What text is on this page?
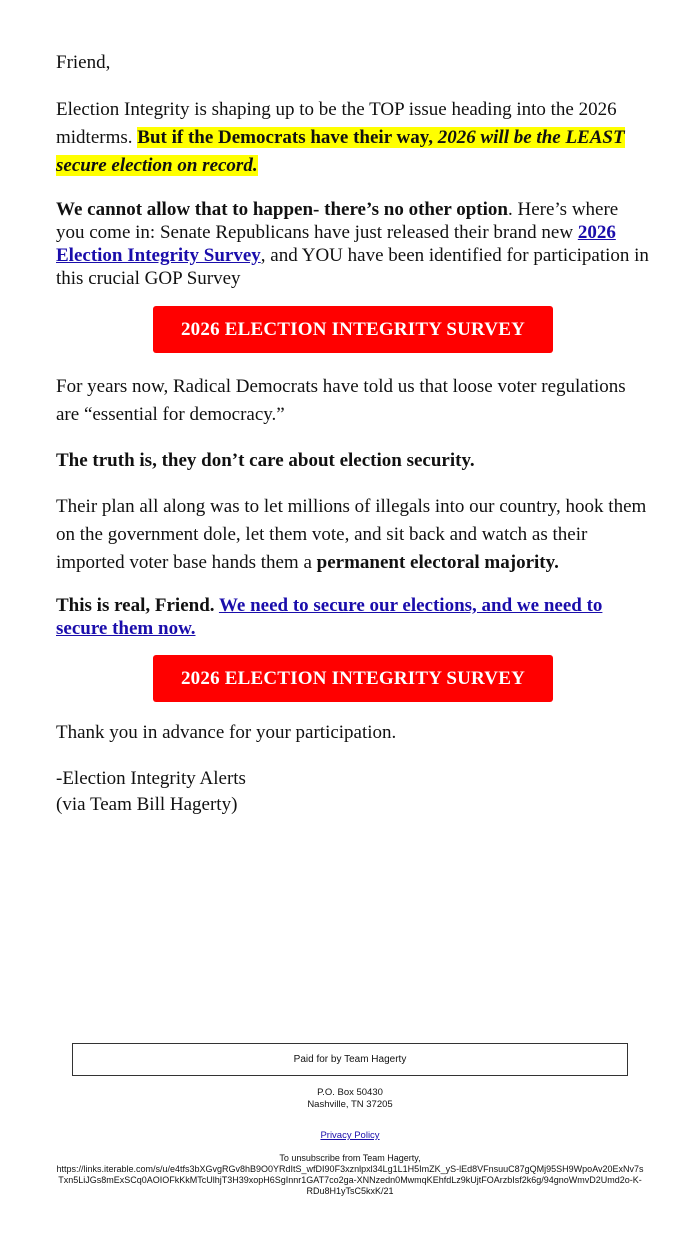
Friend,

Election Integrity is shaping up to be the TOP issue heading into the 2026 midterms. But if the Democrats have their way, 2026 will be the LEAST secure election on record.

We cannot allow that to happen- there’s no other option. Here’s where you come in: Senate Republicans have just released their brand new 2026 Election Integrity Survey, and YOU have been identified for participation in this crucial GOP Survey

2026 ELECTION INTEGRITY SURVEY

For years now, Radical Democrats have told us that loose voter regulations are “essential for democracy.”

The truth is, they don’t care about election security.

Their plan all along was to let millions of illegals into our country, hook them on the government dole, let them vote, and sit back and watch as their imported voter base hands them a permanent electoral majority.

This is real, Friend. We need to secure our elections, and we need to secure them now.

2026 ELECTION INTEGRITY SURVEY

Thank you in advance for your participation.

-Election Integrity Alerts
(via Team Bill Hagerty)

Paid for by Team Hagerty
P.O. Box 50430
Nashville, TN 37205
Privacy Policy
To unsubscribe from Team Hagerty,
https://links.iterable.com/s/u/e4tfs3bXGvgRGv8hB9O0YRdItS_wfDI90F3xznlpxl34Lg1L1H5ImZK_yS-lEd8VFnsuuC87gQMj95SH9WpoAv20ExNv7sTxn5LiJGs8mExSCq0AOIOFkKkMTcUlhjT3H39xopH6SgInnr1GAT7co2ga-XNNzedn0MwmqKEhfdLz9kUjtFOArzbIsf2k6g/94gnoWmvD2Umd2o-K-RDu8H1yTsC5kxK/21
